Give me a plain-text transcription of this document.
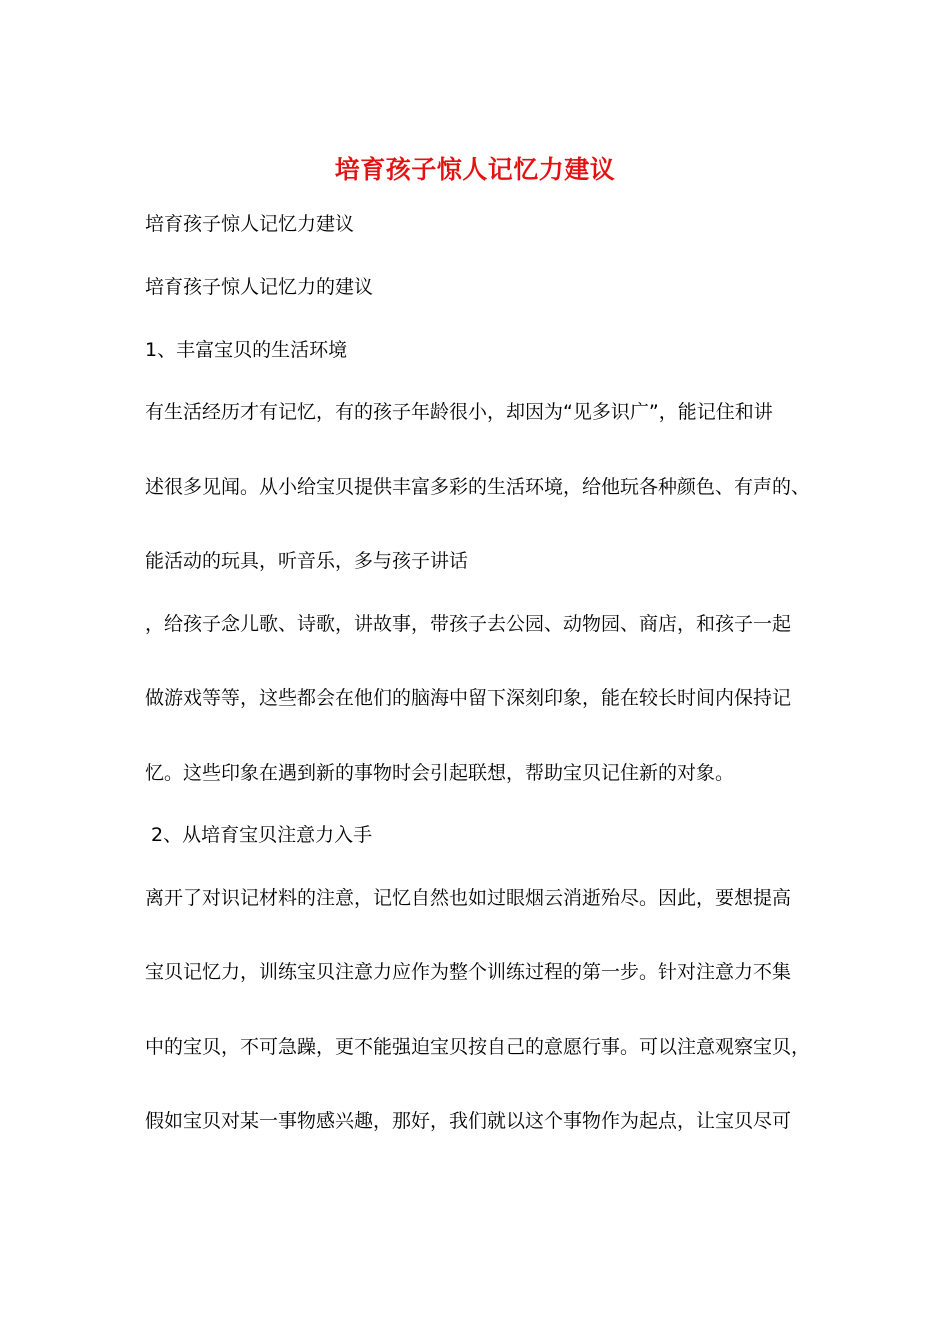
培育孩子惊人记忆力建议
培育孩子惊人记忆力建议
培育孩子惊人记忆力的建议
1、丰富宝贝的生活环境
有生活经历才有记忆，有的孩子年龄很小，却因为“见多识广”，能记住和讲
述很多见闻。从小给宝贝提供丰富多彩的生活环境，给他玩各种颜色、有声的、
能活动的玩具，听音乐，多与孩子讲话
，给孩子念儿歌、诗歌，讲故事，带孩子去公园、动物园、商店，和孩子一起
做游戏等等，这些都会在他们的脑海中留下深刻印象，能在较长时间内保持记
忆。这些印象在遇到新的事物时会引起联想，帮助宝贝记住新的对象。
2、从培育宝贝注意力入手
离开了对识记材料的注意，记忆自然也如过眼烟云消逝殆尽。因此，要想提高
宝贝记忆力，训练宝贝注意力应作为整个训练过程的第一步。针对注意力不集
中的宝贝，不可急躁，更不能强迫宝贝按自己的意愿行事。可以注意观察宝贝，
假如宝贝对某一事物感兴趣，那好，我们就以这个事物作为起点，让宝贝尽可
